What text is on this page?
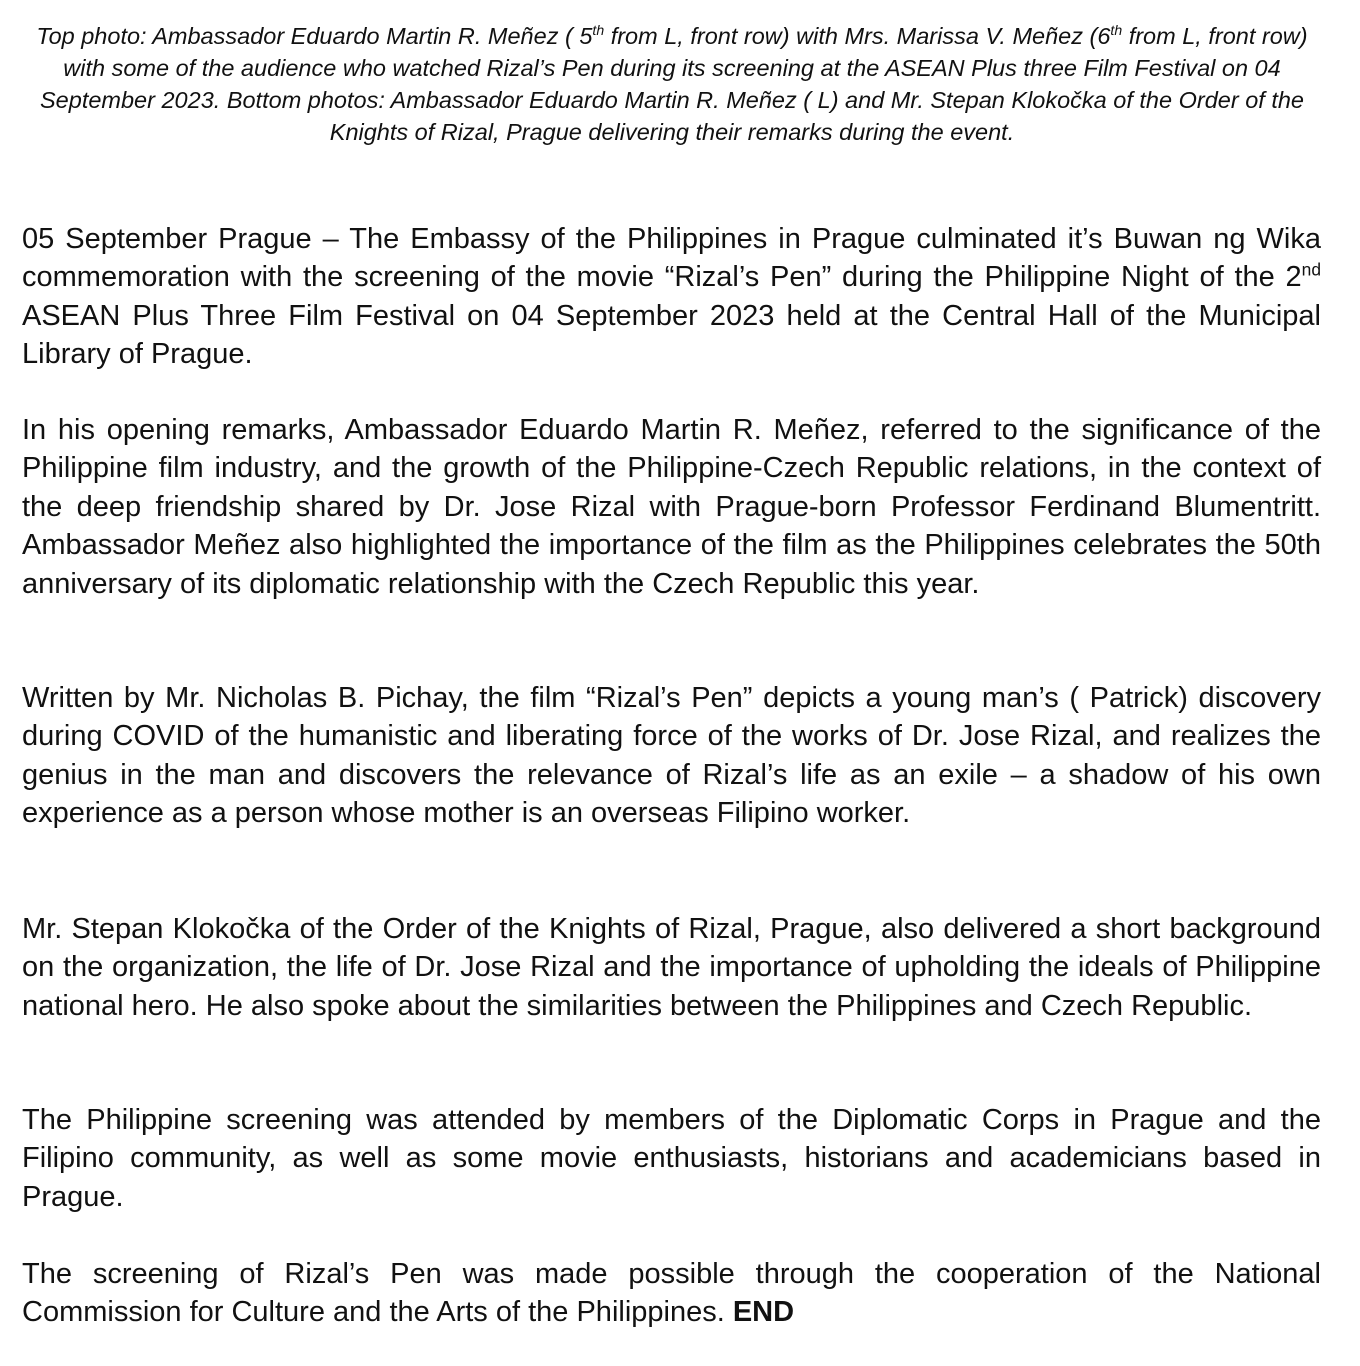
Top photo: Ambassador Eduardo Martin R. Meñez ( 5th from L, front row) with Mrs. Marissa V. Meñez (6th from L, front row) with some of the audience who watched Rizal’s Pen during its screening at the ASEAN Plus three Film Festival on 04 September 2023. Bottom photos: Ambassador Eduardo Martin R. Meñez ( L) and Mr. Stepan Klokočka of the Order of the Knights of Rizal, Prague delivering their remarks during the event.

05 September Prague – The Embassy of the Philippines in Prague culminated it’s Buwan ng Wika commemoration with the screening of the movie “Rizal’s Pen” during the Philippine Night of the 2nd ASEAN Plus Three Film Festival on 04 September 2023 held at the Central Hall of the Municipal Library of Prague.

In his opening remarks, Ambassador Eduardo Martin R. Meñez, referred to the significance of the Philippine film industry, and the growth of the Philippine-Czech Republic relations, in the context of the deep friendship shared by Dr. Jose Rizal with Prague-born Professor Ferdinand Blumentritt. Ambassador Meñez also highlighted the importance of the film as the Philippines celebrates the 50th anniversary of its diplomatic relationship with the Czech Republic this year.

Written by Mr. Nicholas B. Pichay, the film “Rizal’s Pen” depicts a young man’s ( Patrick) discovery during COVID of the humanistic and liberating force of the works of Dr. Jose Rizal, and realizes the genius in the man and discovers the relevance of Rizal’s life as an exile – a shadow of his own experience as a person whose mother is an overseas Filipino worker.

Mr. Stepan Klokočka of the Order of the Knights of Rizal, Prague, also delivered a short background on the organization, the life of Dr. Jose Rizal and the importance of upholding the ideals of Philippine national hero. He also spoke about the similarities between the Philippines and Czech Republic.

The Philippine screening was attended by members of the Diplomatic Corps in Prague and the Filipino community, as well as some movie enthusiasts, historians and academicians based in Prague.

The screening of Rizal’s Pen was made possible through the cooperation of the National Commission for Culture and the Arts of the Philippines. END
